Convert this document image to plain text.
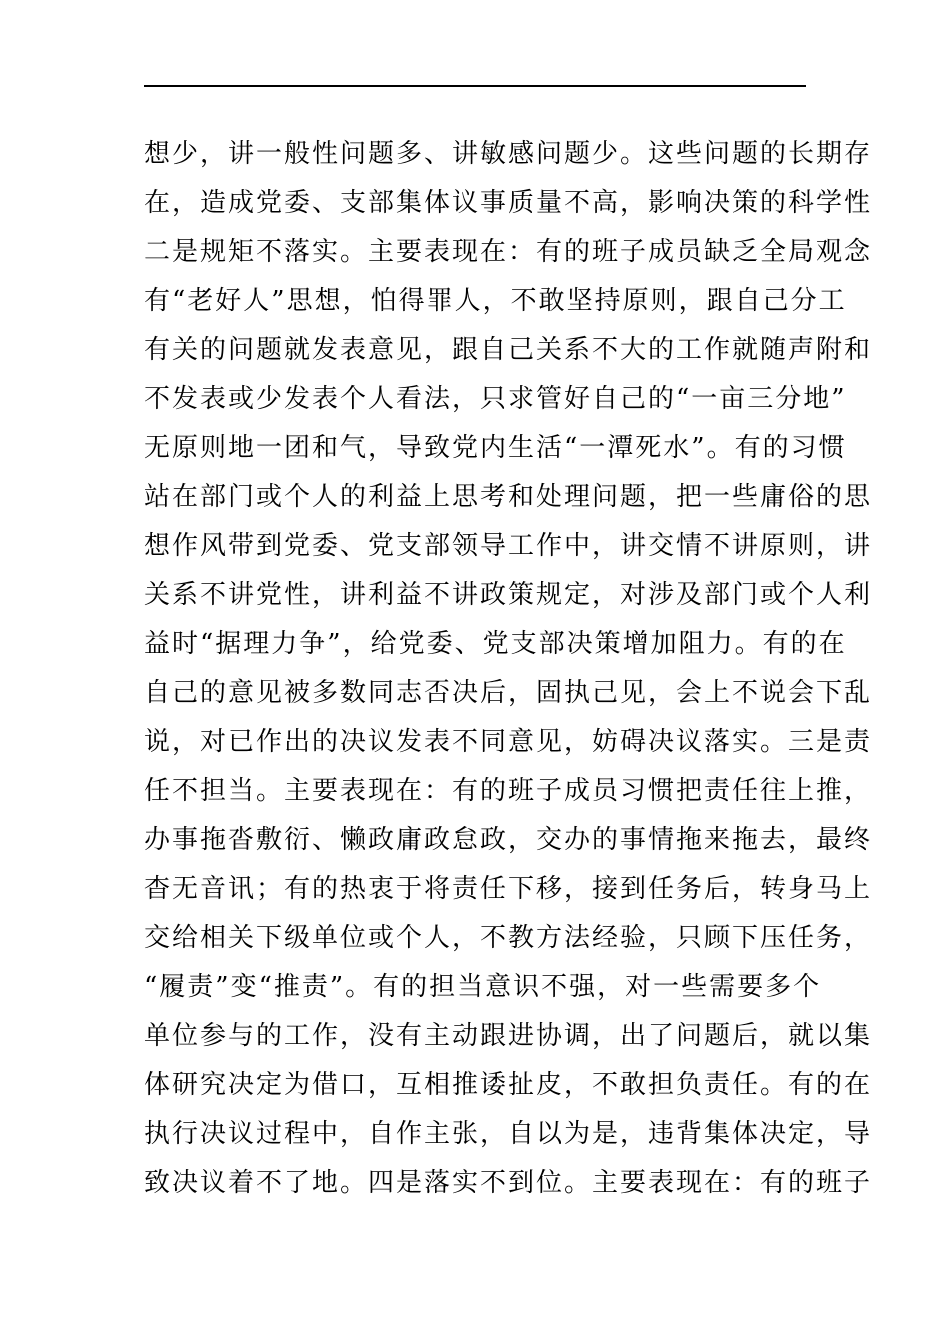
想少，讲一般性问题多、讲敏感问题少。这些问题的长期存
在，造成党委、支部集体议事质量不高，影响决策的科学性
二是规矩不落实。主要表现在：有的班子成员缺乏全局观念
有“老好人”思想，怕得罪人，不敢坚持原则，跟自己分工
有关的问题就发表意见，跟自己关系不大的工作就随声附和
不发表或少发表个人看法，只求管好自己的“一亩三分地”
无原则地一团和气，导致党内生活“一潭死水”。有的习惯
站在部门或个人的利益上思考和处理问题，把一些庸俗的思
想作风带到党委、党支部领导工作中，讲交情不讲原则，讲
关系不讲党性，讲利益不讲政策规定，对涉及部门或个人利
益时“据理力争”，给党委、党支部决策增加阻力。有的在
自己的意见被多数同志否决后，固执己见，会上不说会下乱
说，对已作出的决议发表不同意见，妨碍决议落实。三是责
任不担当。主要表现在：有的班子成员习惯把责任往上推，
办事拖沓敷衍、懒政庸政怠政，交办的事情拖来拖去，最终
杳无音讯；有的热衷于将责任下移，接到任务后，转身马上
交给相关下级单位或个人，不教方法经验，只顾下压任务，
“履责”变“推责”。有的担当意识不强，对一些需要多个
单位参与的工作，没有主动跟进协调，出了问题后，就以集
体研究决定为借口，互相推诿扯皮，不敢担负责任。有的在
执行决议过程中，自作主张，自以为是，违背集体决定，导
致决议着不了地。四是落实不到位。主要表现在：有的班子
